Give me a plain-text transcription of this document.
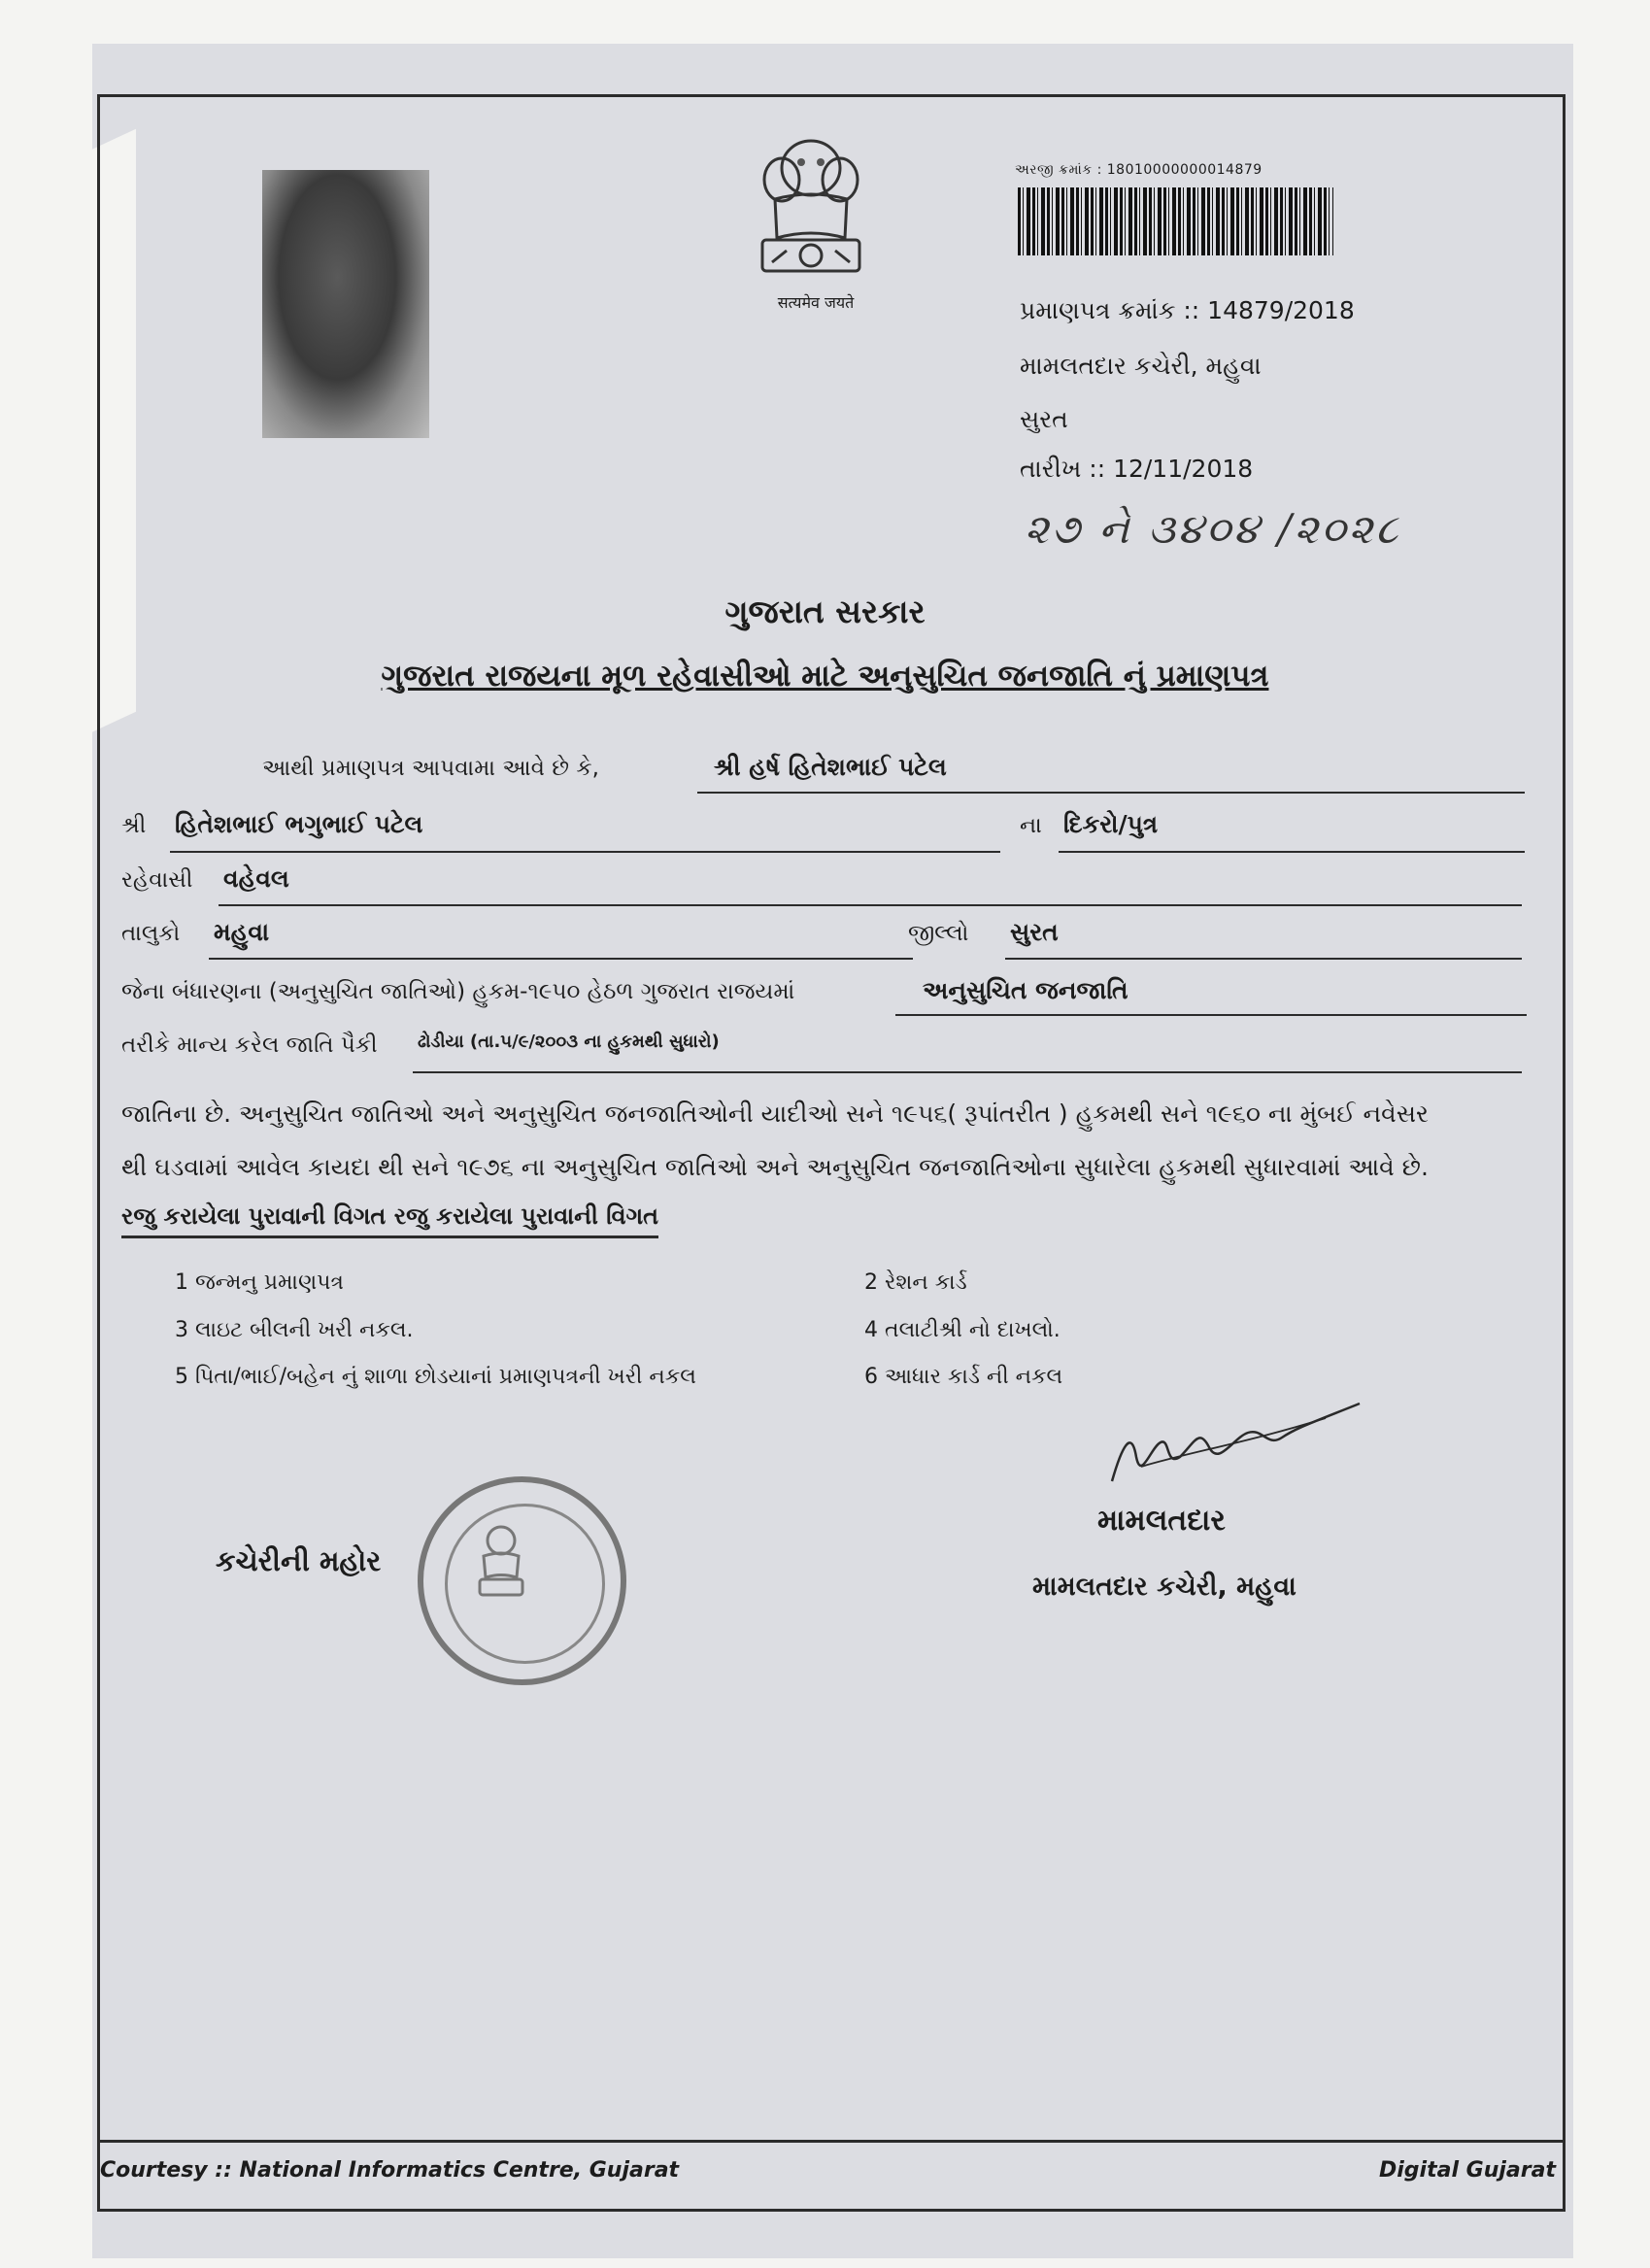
सत्यमेव जयते
અરજી ક્રમાંક : 18010000000014879
પ્રમાણપત્ર ક્રમાંક :: 14879/2018
મામલતદાર કચેરી, મહુવા
સુરત
તારીખ :: 12/11/2018
૨૭ ને ૩૪૦૪ /૨૦૨૮
ગુજરાત સરકાર
ગુજરાત રાજયના મૂળ રહેવાસીઓ માટે અનુસુચિત જનજાતિ નું પ્રમાણપત્ર
આથી પ્રમાણપત્ર આપવામા આવે છે કે,	શ્રી હર્ષ હિતેશભાઈ પટેલ
શ્રી હિતેશભાઈ ભગુભાઈ પટેલ	ના દિકરો/પુત્ર
રહેવાસી વહેવલ
તાલુકો મહુવા	જીલ્લો સુરત
જેના બંધારણના (અનુસુચિત જાતિઓ) હુકમ-૧૯૫૦ હેઠળ ગુજરાત રાજયમાં	અનુસુચિત જનજાતિ
તરીકે માન્ય કરેલ જાતિ પૈકી ઢોડીયા (તા.૫/૯/૨૦૦૩ ના હુકમથી સુધારો)
જાતિના છે. અનુસુચિત જાતિઓ અને અનુસુચિત જનજાતિઓની યાદીઓ સને ૧૯૫૬( રૂપાંતરીત ) હુકમથી સને ૧૯૬૦ ના મુંબઈ નવેસર
થી ઘડવામાં આવેલ કાયદા થી સને ૧૯૭૬ ના અનુસુચિત જાતિઓ અને અનુસુચિત જનજાતિઓના સુધારેલા હુકમથી સુધારવામાં આવે છે.
રજુ કરાયેલા પુરાવાની વિગત રજુ કરાયેલા પુરાવાની વિગત
1 જન્મનુ પ્રમાણપત્ર	2 રેશન કાર્ડ
3 લાઇટ બીલની ખરી નકલ.	4 તલાટીશ્રી નો દાખલો.
5 પિતા/ભાઈ/બહેન નું શાળા છોડયાનાં પ્રમાણપત્રની ખરી નકલ	6 આધાર કાર્ડ ની નકલ
મામલતદાર
મામલતદાર કચેરી, મહુવા
કચેરીની મહોર
Courtesy :: National Informatics Centre, Gujarat	Digital Gujarat
